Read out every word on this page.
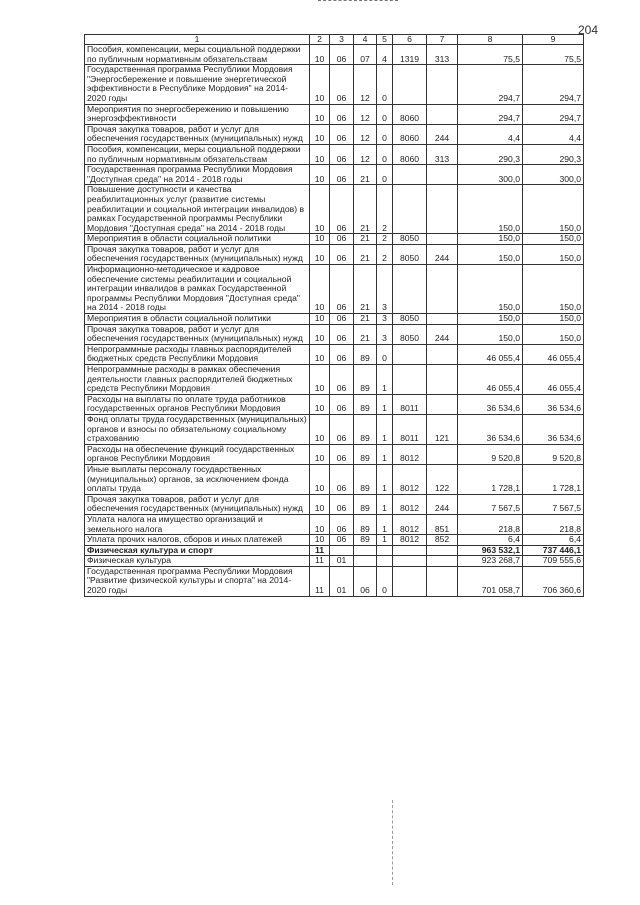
204
1	2	3	4	5	6	7	8	9
Пособия, компенсации, меры социальной поддержки по публичным нормативным обязательствам	10	06	07	4	1319	313	75,5	75,5
Государственная программа Республики Мордовия "Энергосбережение и повышение энергетической эффективности в Республике Мордовия" на 2014-2020 годы	10	06	12	0			294,7	294,7
Мероприятия по энергосбережению и повышению энергоэффективности	10	06	12	0	8060		294,7	294,7
Прочая закупка товаров, работ и услуг для обеспечения государственных (муниципальных) нужд	10	06	12	0	8060	244	4,4	4,4
Пособия, компенсации, меры социальной поддержки по публичным нормативным обязательствам	10	06	12	0	8060	313	290,3	290,3
Государственная программа Республики Мордовия "Доступная среда" на 2014 - 2018 годы	10	06	21	0			300,0	300,0
Повышение доступности и качества реабилитационных услуг (развитие системы реабилитации и социальной интеграции инвалидов) в рамках Государственной программы Республики Мордовия "Доступная среда" на 2014 - 2018 годы	10	06	21	2			150,0	150,0
Мероприятия в области социальной политики	10	06	21	2	8050		150,0	150,0
Прочая закупка товаров, работ и услуг для обеспечения государственных (муниципальных) нужд	10	06	21	2	8050	244	150,0	150,0
Информационно-методическое и кадровое обеспечение системы реабилитации и социальной интеграции инвалидов в рамках Государственной программы Республики Мордовия "Доступная среда" на 2014 - 2018 годы	10	06	21	3			150,0	150,0
Мероприятия в области социальной политики	10	06	21	3	8050		150,0	150,0
Прочая закупка товаров, работ и услуг для обеспечения государственных (муниципальных) нужд	10	06	21	3	8050	244	150,0	150,0
Непрограммные расходы главных распорядителей бюджетных средств Республики Мордовия	10	06	89	0			46 055,4	46 055,4
Непрограммные расходы в рамках обеспечения деятельности главных распорядителей бюджетных средств Республики Мордовия	10	06	89	1			46 055,4	46 055,4
Расходы на выплаты по оплате труда работников государственных органов Республики Мордовия	10	06	89	1	8011		36 534,6	36 534,6
Фонд оплаты труда государственных (муниципальных) органов и взносы по обязательному социальному страхованию	10	06	89	1	8011	121	36 534,6	36 534,6
Расходы на обеспечение функций государственных органов Республики Мордовия	10	06	89	1	8012		9 520,8	9 520,8
Иные выплаты персоналу государственных (муниципальных) органов, за исключением фонда оплаты труда	10	06	89	1	8012	122	1 728,1	1 728,1
Прочая закупка товаров, работ и услуг для обеспечения государственных (муниципальных) нужд	10	06	89	1	8012	244	7 567,5	7 567,5
Уплата налога на имущество организаций и земельного налога	10	06	89	1	8012	851	218,8	218,8
Уплата прочих налогов, сборов и иных платежей	10	06	89	1	8012	852	6,4	6,4
Физическая культура и спорт	11						963 532,1	737 446,1
Физическая культура	11	01					923 268,7	709 555,6
Государственная программа Республики Мордовия "Развитие физической культуры и спорта" на 2014-2020 годы	11	01	06	0			701 058,7	706 360,6
